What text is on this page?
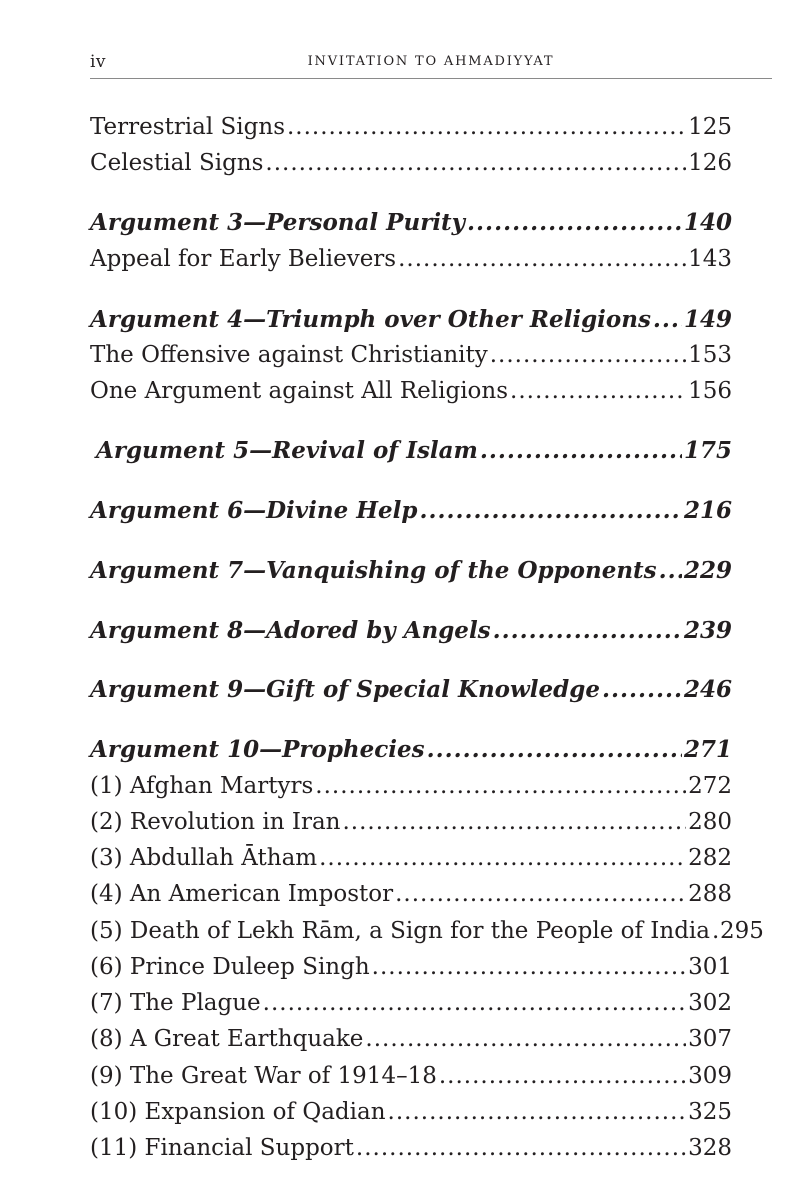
iv	INVITATION TO AHMADIYYAT
Terrestrial Signs .....	125
Celestial Signs .....	126
Argument 3—Personal Purity .....	140
Appeal for Early Believers .....	143
Argument 4—Triumph over Other Religions ..... 149
The Offensive against Christianity .....	153
One Argument against All Religions .....	156
Argument 5—Revival of Islam .....	175
Argument 6—Divine Help .....	216
Argument 7—Vanquishing of the Opponents ..... 229
Argument 8—Adored by Angels .....	239
Argument 9—Gift of Special Knowledge .....	246
Argument 10—Prophecies .....	271
(1) Afghan Martyrs .....	272
(2) Revolution in Iran .....	280
(3) Abdullah Ātham .....	282
(4) An American Impostor .....	288
(5) Death of Lekh Rām, a Sign for the People of India ..... 295
(6) Prince Duleep Singh .....	301
(7) The Plague .....	302
(8) A Great Earthquake .....	307
(9) The Great War of 1914–18 .....	309
(10) Expansion of Qadian .....	325
(11) Financial Support .....	328
